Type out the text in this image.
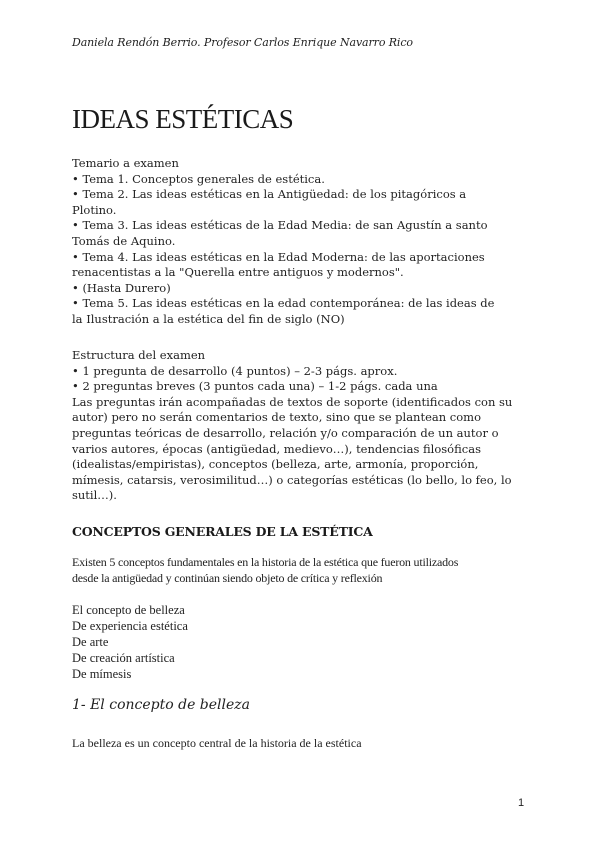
Daniela Rendón Berrio. Profesor Carlos Enrique Navarro Rico
IDEAS ESTÉTICAS
Temario a examen
• Tema 1. Conceptos generales de estética.
• Tema 2. Las ideas estéticas en la Antigüedad: de los pitagóricos a
Plotino.
• Tema 3. Las ideas estéticas de la Edad Media: de san Agustín a santo
Tomás de Aquino.
• Tema 4. Las ideas estéticas en la Edad Moderna: de las aportaciones
renacentistas a la "Querella entre antiguos y modernos".
• (Hasta Durero)
• Tema 5. Las ideas estéticas en la edad contemporánea: de las ideas de
la Ilustración a la estética del fin de siglo (NO)
Estructura del examen
• 1 pregunta de desarrollo (4 puntos) – 2-3 págs. aprox.
• 2 preguntas breves (3 puntos cada una) – 1-2 págs. cada una
Las preguntas irán acompañadas de textos de soporte (identificados con su
autor) pero no serán comentarios de texto, sino que se plantean como
preguntas teóricas de desarrollo, relación y/o comparación de un autor o
varios autores, épocas (antigüedad, medievo…), tendencias filosóficas
(idealistas/empiristas), conceptos (belleza, arte, armonía, proporción,
mímesis, catarsis, verosimilitud…) o categorías estéticas (lo bello, lo feo, lo
sutil…).
CONCEPTOS GENERALES DE LA ESTÉTICA
Existen 5 conceptos fundamentales en la historia de la estética que fueron utilizados
desde la antigüedad y continúan siendo objeto de crítica y reflexión
El concepto de belleza
De experiencia estética
De arte
De creación artística
De mímesis
1- El concepto de belleza
La belleza es un concepto central de la historia de la estética
1
